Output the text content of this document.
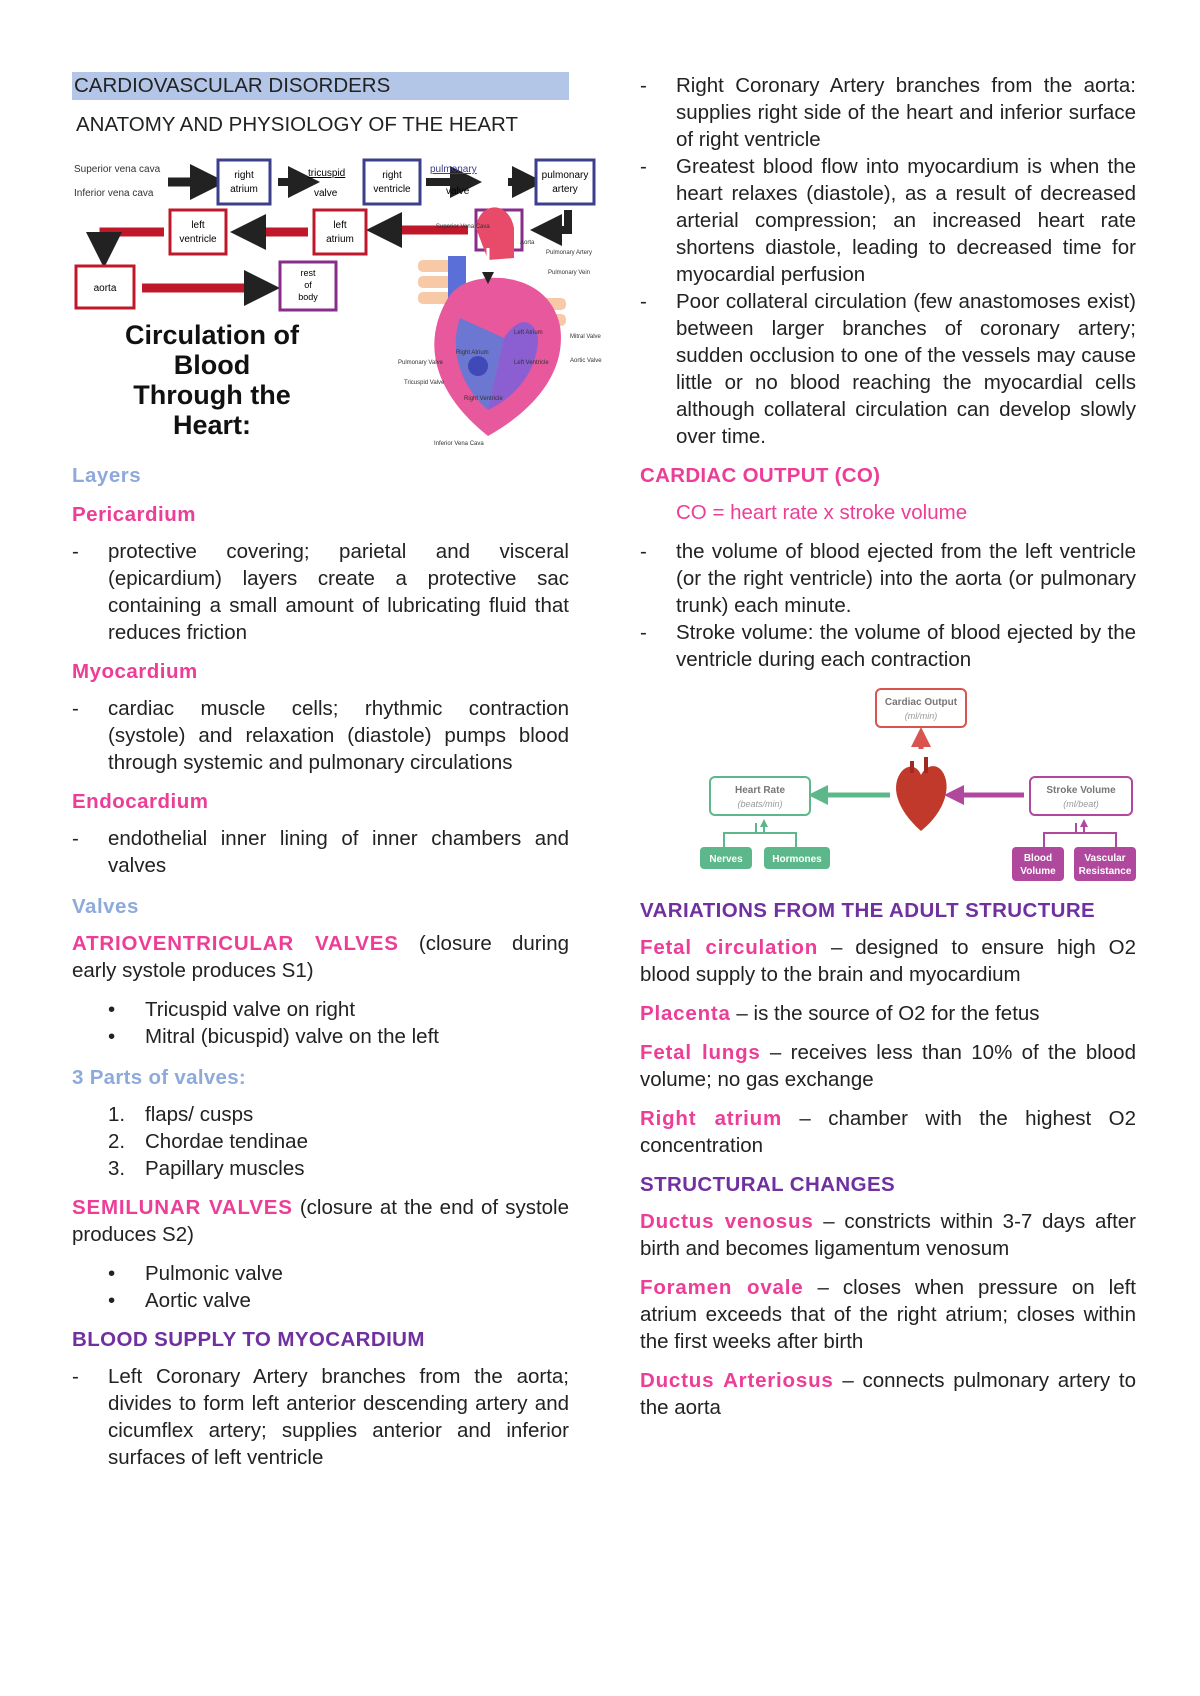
CARDIOVASCULAR DISORDERS
ANATOMY AND PHYSIOLOGY OF THE HEART
Superior vena cava
Inferior vena cava
right
atrium
tricuspid
valve
right
ventricle
pulmonary
valve
pulmonary
artery
left
atrium
left
ventricle
aorta
rest
of
body
Circulation of
Blood
Through the
Heart:
Superior Vena Cava
Aorta
Pulmonary Artery
Pulmonary Vein
Left Atrium
Right Atrium
Mitral Valve
Aortic Valve
Pulmonary Valve
Tricuspid Valve
Right Ventricle
Left Ventricle
Inferior Vena Cava
Layers
Pericardium

- protective covering; parietal and visceral (epicardium) layers create a protective sac containing a small amount of lubricating fluid that reduces friction

Myocardium

- cardiac muscle cells; rhythmic contraction (systole) and relaxation (diastole) pumps blood through systemic and pulmonary circulations

Endocardium

- endothelial inner lining of inner chambers and valves

Valves

ATRIOVENTRICULAR VALVES (closure during early systole produces S1)

• Tricuspid valve on right

• Mitral (bicuspid) valve on the left

3 Parts of valves:

1. flaps/ cusps

2. Chordae tendinae

3. Papillary muscles

SEMILUNAR VALVES (closure at the end of systole produces S2)

• Pulmonic valve

• Aortic valve

BLOOD SUPPLY TO MYOCARDIUM

- Left Coronary Artery branches from the aorta; divides to form left anterior descending artery and cicumflex artery; supplies anterior and inferior surfaces of left ventricle

- Right Coronary Artery branches from the aorta: supplies right side of the heart and inferior surface of right ventricle

- Greatest blood flow into myocardium is when the heart relaxes (diastole), as a result of decreased arterial compression; an increased heart rate shortens diastole, leading to decreased time for myocardial perfusion

- Poor collateral circulation (few anastomoses exist) between larger branches of coronary artery; sudden occlusion to one of the vessels may cause little or no blood reaching the myocardial cells although collateral circulation can develop slowly over time.

CARDIAC OUTPUT (CO)

CO = heart rate x stroke volume

- the volume of blood ejected from the left ventricle (or the right ventricle) into the aorta (or pulmonary trunk) each minute.

- Stroke volume: the volume of blood ejected by the ventricle during each contraction

Cardiac Output
(ml/min)
Heart Rate
(beats/min)
Stroke Volume
(ml/beat)
Nerves	Hormones	Blood
Volume
Vascular
Resistance
VARIATIONS FROM THE ADULT STRUCTURE

Fetal circulation – designed to ensure high O2 blood supply to the brain and myocardium

Placenta – is the source of O2 for the fetus

Fetal lungs – receives less than 10% of the blood volume; no gas exchange

Right atrium – chamber with the highest O2 concentration

STRUCTURAL CHANGES

Ductus venosus – constricts within 3-7 days after birth and becomes ligamentum venosum

Foramen ovale – closes when pressure on left atrium exceeds that of the right atrium; closes within the first weeks after birth

Ductus Arteriosus – connects pulmonary artery to the aorta
